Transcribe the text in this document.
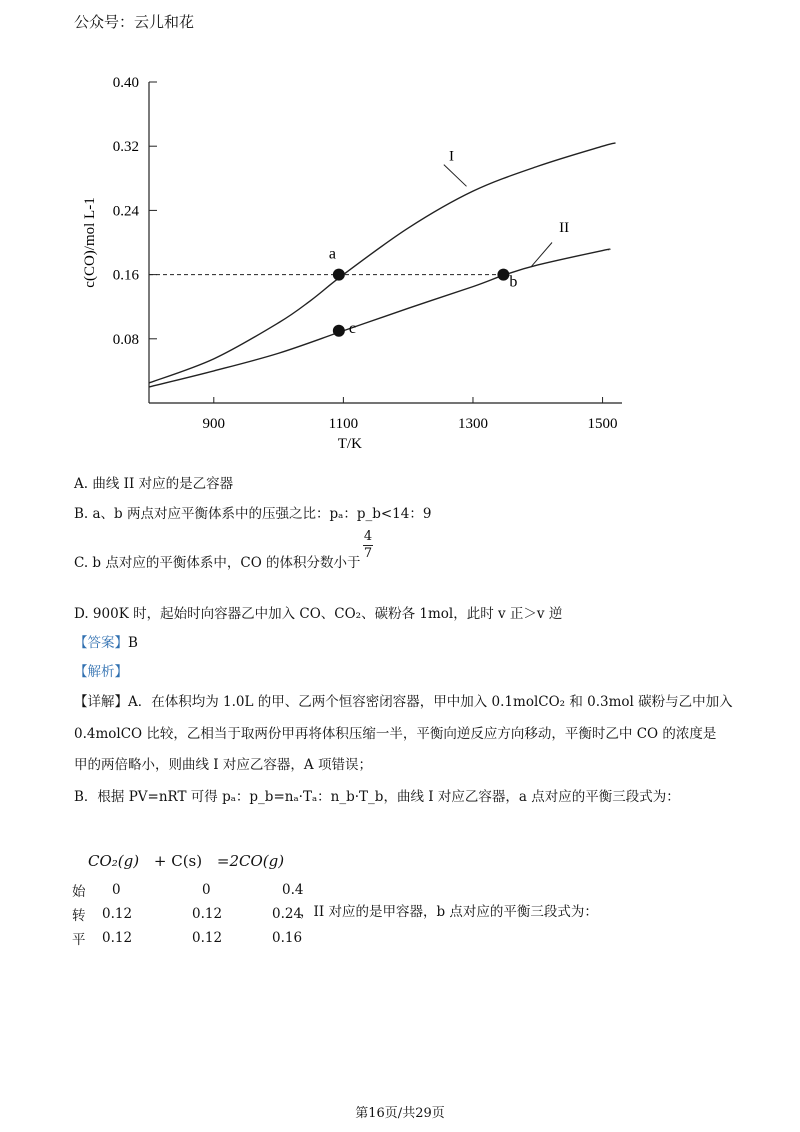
公众号：云儿和花
900	1100	1300	1500
0.40
0.32
0.24
0.16
0.08
T/K
c(CO)/mol L-1
I
II
a
b
c
A. 曲线 II 对应的是乙容器
B. a、b 两点对应平衡体系中的压强之比：pₐ：p_b<14：9
C. b 点对应的平衡体系中，CO 的体积分数小于
4
7
D. 900K 时，起始时向容器乙中加入 CO、CO₂、碳粉各 1mol，此时 v 正＞v 逆
【答案】B
【解析】
【详解】A．在体积均为 1.0L 的甲、乙两个恒容密闭容器，甲中加入 0.1molCO₂ 和 0.3mol 碳粉与乙中加入
0.4molCO 比较，乙相当于取两份甲再将体积压缩一半，平衡向逆反应方向移动，平衡时乙中 CO 的浓度是
甲的两倍略小，则曲线 I 对应乙容器，A 项错误；
B．根据 PV=nRT 可得 pₐ：p_b=nₐ·Tₐ：n_b·T_b，曲线 I 对应乙容器，a 点对应的平衡三段式为：
CO₂(g) + C(s) =2CO(g)
始	0	0	0.4
转	0.12	0.12	0.24
平	0.12	0.12	0.16
，II 对应的是甲容器，b 点对应的平衡三段式为：
第16页/共29页
